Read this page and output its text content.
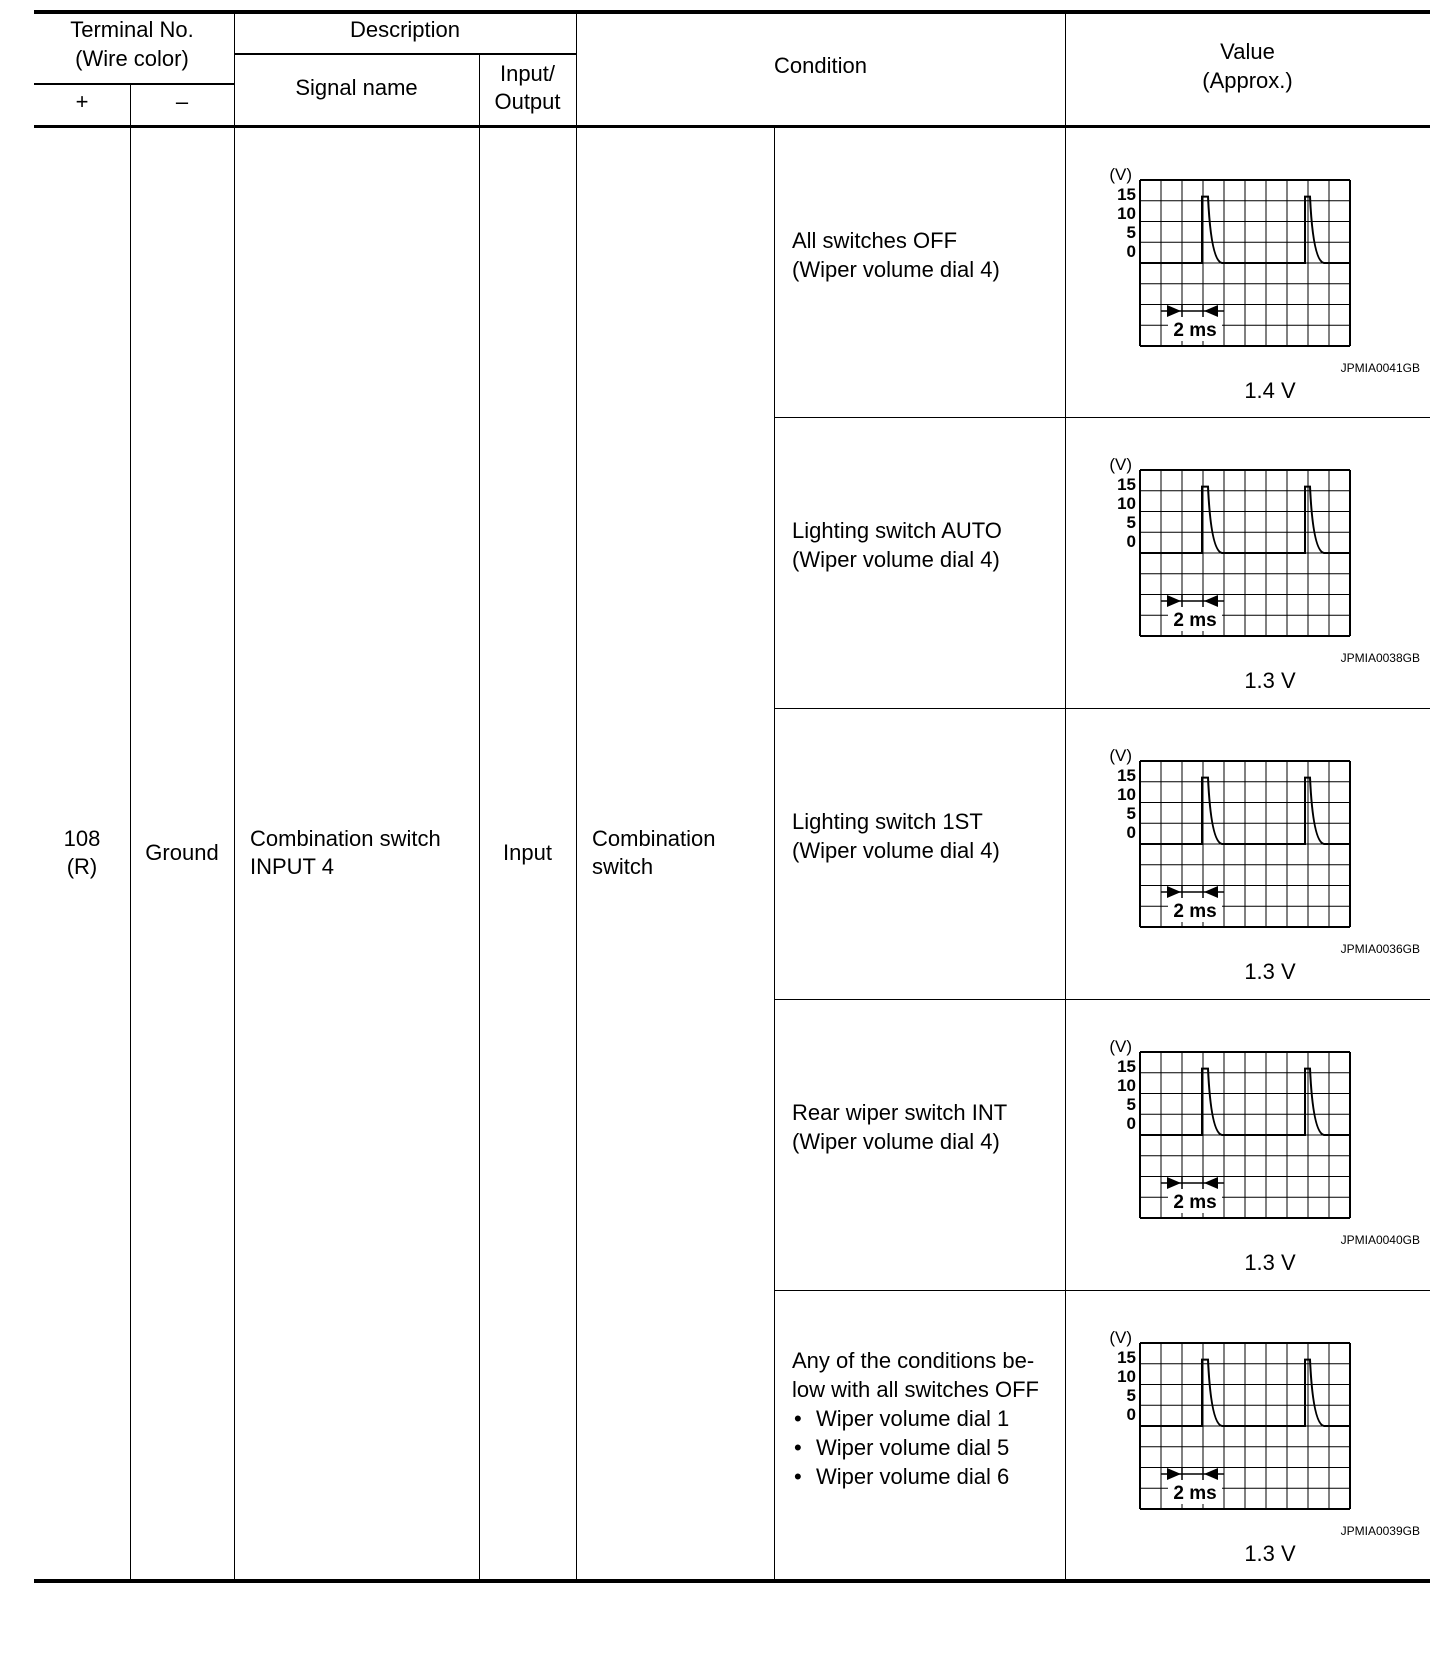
Terminal No.
(Wire color)
+	–
Description
Signal name
Input/
Output
Condition
Value
(Approx.)
108
(R)
Ground
Combination switch
INPUT 4
Input
Combination
switch
All switches OFF
(Wiper volume dial 4)
(V)
15
10
5
0
2 ms
JPMIA0041GB
1.4 V
Lighting switch AUTO
(Wiper volume dial 4)
(V)
15
10
5
0
2 ms
JPMIA0038GB
1.3 V
Lighting switch 1ST
(Wiper volume dial 4)
(V)
15
10
5
0
2 ms
JPMIA0036GB
1.3 V
Rear wiper switch INT
(Wiper volume dial 4)
(V)
15
10
5
0
2 ms
JPMIA0040GB
1.3 V
Any of the conditions be-
low with all switches OFF
• Wiper volume dial 1
• Wiper volume dial 5
• Wiper volume dial 6
(V)
15
10
5
0
2 ms
JPMIA0039GB
1.3 V
